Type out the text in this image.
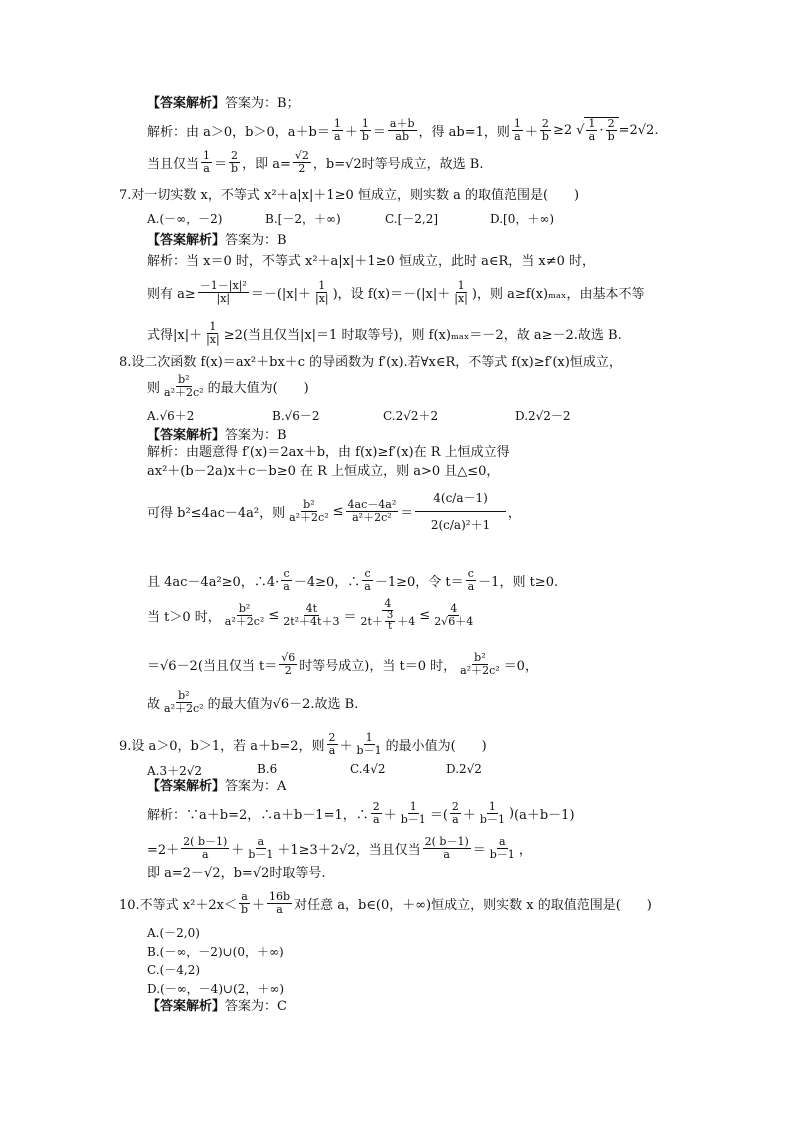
【答案解析】答案为：B；
解析：由 a＞0，b＞0，$a+b= \frac{1}{a} + \frac{1}{b} = \frac{a+b}{ab}$ ，得 ab=1，则 $\frac{1}{a} + \frac{2}{b} \ge 2$ √ $\frac{1}{a} \cdot \frac{2}{b} =2√2$.
当且仅当 $\frac{1}{a} = \frac{2}{b}$ ，即 $a= \frac{√2}{2}$ ，b=√2时等号成立，故选 B.
7.对一切实数 x，不等式 x²＋a|x|＋1≥0 恒成立，则实数 a 的取值范围是(　　)
A.(－∞，－2)	B.[－2，＋∞)	C.[－2,2]	D.[0，＋∞)
【答案解析】答案为：B
解析：当 x＝0 时，不等式 x²＋a|x|＋1≥0 恒成立，此时 a∈R，当 x≠0 时，
则有 $a\ge \frac{\text{－1－|x|²}}{|x|} =-(|x|+ \frac{1}{|x|}$ )，设 $f(x)=-(|x|+ \frac{1}{|x|}$ )，则 a≥f(x)ₘₐₓ，由基本不等
式得$|x|+ \frac{1}{|x|} \ge 2$(当且仅当|x|＝1 时取等号)，则 f(x)ₘₐₓ＝－2，故 a≥－2.故选 B.
8.设二次函数 f(x)＝ax²＋bx＋c 的导函数为 f′(x).若∀x∈R，不等式 f(x)≥f′(x)恒成立，
则 $\frac{\text{b²}}{\text{a²＋2c²}}$ 的最大值为(　　)
A.√6＋2	B.√6－2	C.2√2＋2	D.2√2－2
【答案解析】答案为：B
解析：由题意得 f′(x)＝2ax＋b，由 f(x)≥f′(x)在 R 上恒成立得
ax²＋(b－2a)x＋c－b≥0 在 R 上恒成立，则 a>0 且△≤0，
可得 b²≤4ac－4a²，则 $\frac{\text{b²}}{\text{a²＋2c²}} \le \frac{\text{4ac－4a²}}{\text{a²＋2c²}} = \frac{4(c/a-1)}{\text{2(c/a)²＋1}}$ ，
且 4ac－4a²≥0，∴4· $\frac{c}{a} -4\ge 0$，∴ $\frac{c}{a} -1\ge 0$，令 $t= \frac{c}{a} -1$，则 t≥0.
当 t＞0 时， $\frac{\text{b²}}{\text{a²＋2c²}} \le \frac{4t}{\text{2t²＋4t＋3}} = \frac{4}{2t+ \frac{3}{t} +4} \le \frac{4}{2√6+4}$
＝√6－2(当且仅当 $t= \frac{√6}{2}$ 时等号成立)，当 t＝0 时， $\frac{\text{b²}}{\text{a²＋2c²}} =0$，
故 $\frac{\text{b²}}{\text{a²＋2c²}}$ 的最大值为√6－2.故选 B.
9.设 a＞0，b＞1，若 a＋b=2，则 $\frac{2}{a} + \frac{1}{b-1}$ 的最小值为(　　)
A.3＋2√2	B.6	C.4√2	D.2√2
【答案解析】答案为：A
解析：∵a＋b=2，∴a＋b－1=1，∴ $\frac{2}{a} + \frac{1}{b-1}$ ＝( $\frac{2}{a} + \frac{1}{b-1}$ ) (a＋b－1)
$=2+ \frac{2( b-1)}{a} + \frac{a}{b-1} +1\ge 3+2√2$，当且仅当 $\frac{2( b-1)}{a} = \frac{a}{b-1}$ ，
即 a=2－√2，b=√2时取等号.
10.不等式 $x^2+2x< \frac{a}{b} + \frac{16b}{a}$ 对任意 a，b∈(0，＋∞)恒成立，则实数 x 的取值范围是(　　)
A.(－2,0)
B.(－∞，－2)∪(0，＋∞)
C.(－4,2)
D.(－∞，－4)∪(2，＋∞)
【答案解析】答案为：C
